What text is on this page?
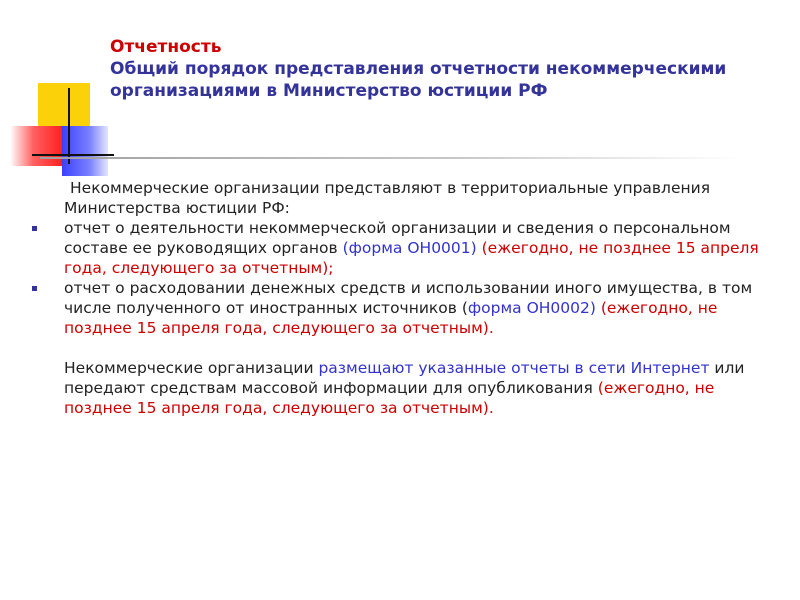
Отчетность
Общий порядок представления отчетности некоммерческими организациями в Министерство юстиции РФ

Некоммерческие организации представляют в территориальные управления Министерства юстиции РФ:

отчет о деятельности некоммерческой организации и сведения о персональном составе ее руководящих органов (форма ОН0001) (ежегодно, не позднее 15 апреля года, следующего за отчетным);

отчет о расходовании денежных средств и использовании иного имущества, в том числе полученного от иностранных источников (форма ОН0002) (ежегодно, не позднее 15 апреля года, следующего за отчетным).

Некоммерческие организации размещают указанные отчеты в сети Интернет или передают средствам массовой информации для опубликования (ежегодно, не позднее 15 апреля года, следующего за отчетным).
